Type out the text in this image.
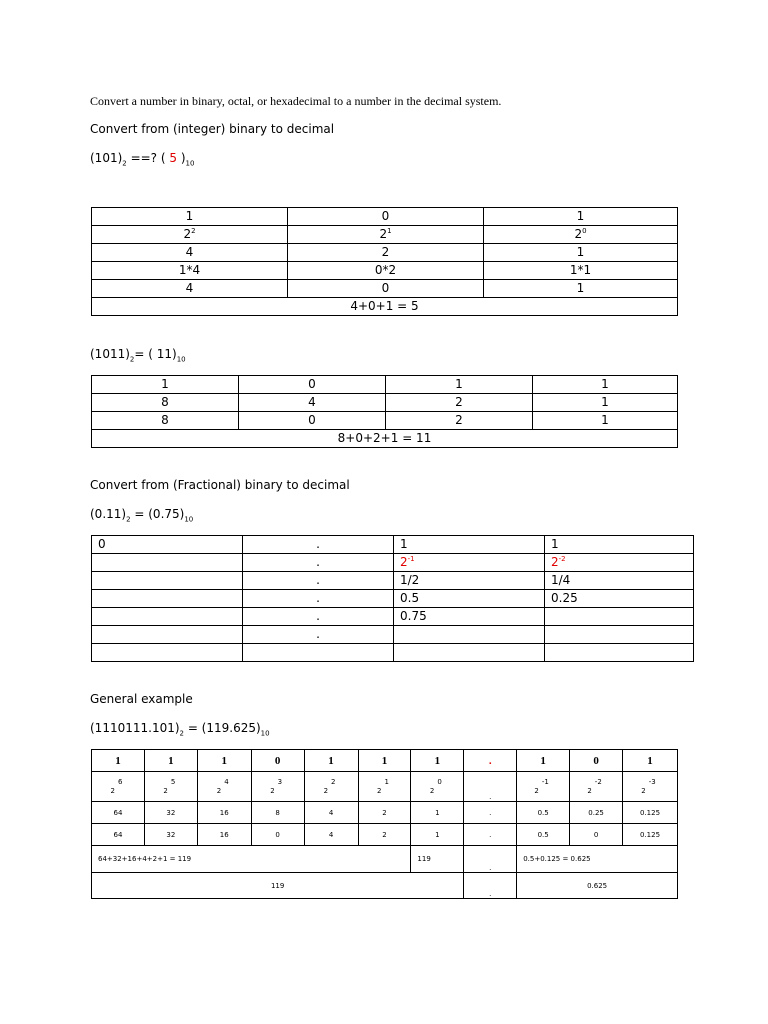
Convert a number in binary, octal, or hexadecimal to a number in the decimal system.
Convert from (integer) binary to decimal
$(101)_2$ ==? ( 5 )$_{10}$
1	0	1
$2^2$	$2^1$	$2^0$
4	2	1
1*4	0*2	1*1
4	0	1
4+0+1 = 5		
$(1011)_2=$ ( $11)_{10}$
1	0	1	1
8	4	2	1
8	0	2	1
8+0+2+1 = 11			
Convert from (Fractional) binary to decimal
$(0.11)_2 = (0.75)_{10}$
0	.	1	1
	.	$2^{-1}$	$2^{-2}$
	.	1/2	1/4
	.	0.5	0.25
	.	0.75	
	.		

General example
$(1110111.101)_2 = (119.625)_{10}$
1	1	1	0	1	1	1	.	1	0	1
26	25	24	23	22	21	20	.	2-1	2-2	2-3
64	32	16	8	4	2	1	.	0.5	0.25	0.125
64	32	16	0	4	2	1	.	0.5	0	0.125
64+32+16+4+2+1 = 119						119	.	0.5+0.125 = 0.625		
119							.	0.625		
